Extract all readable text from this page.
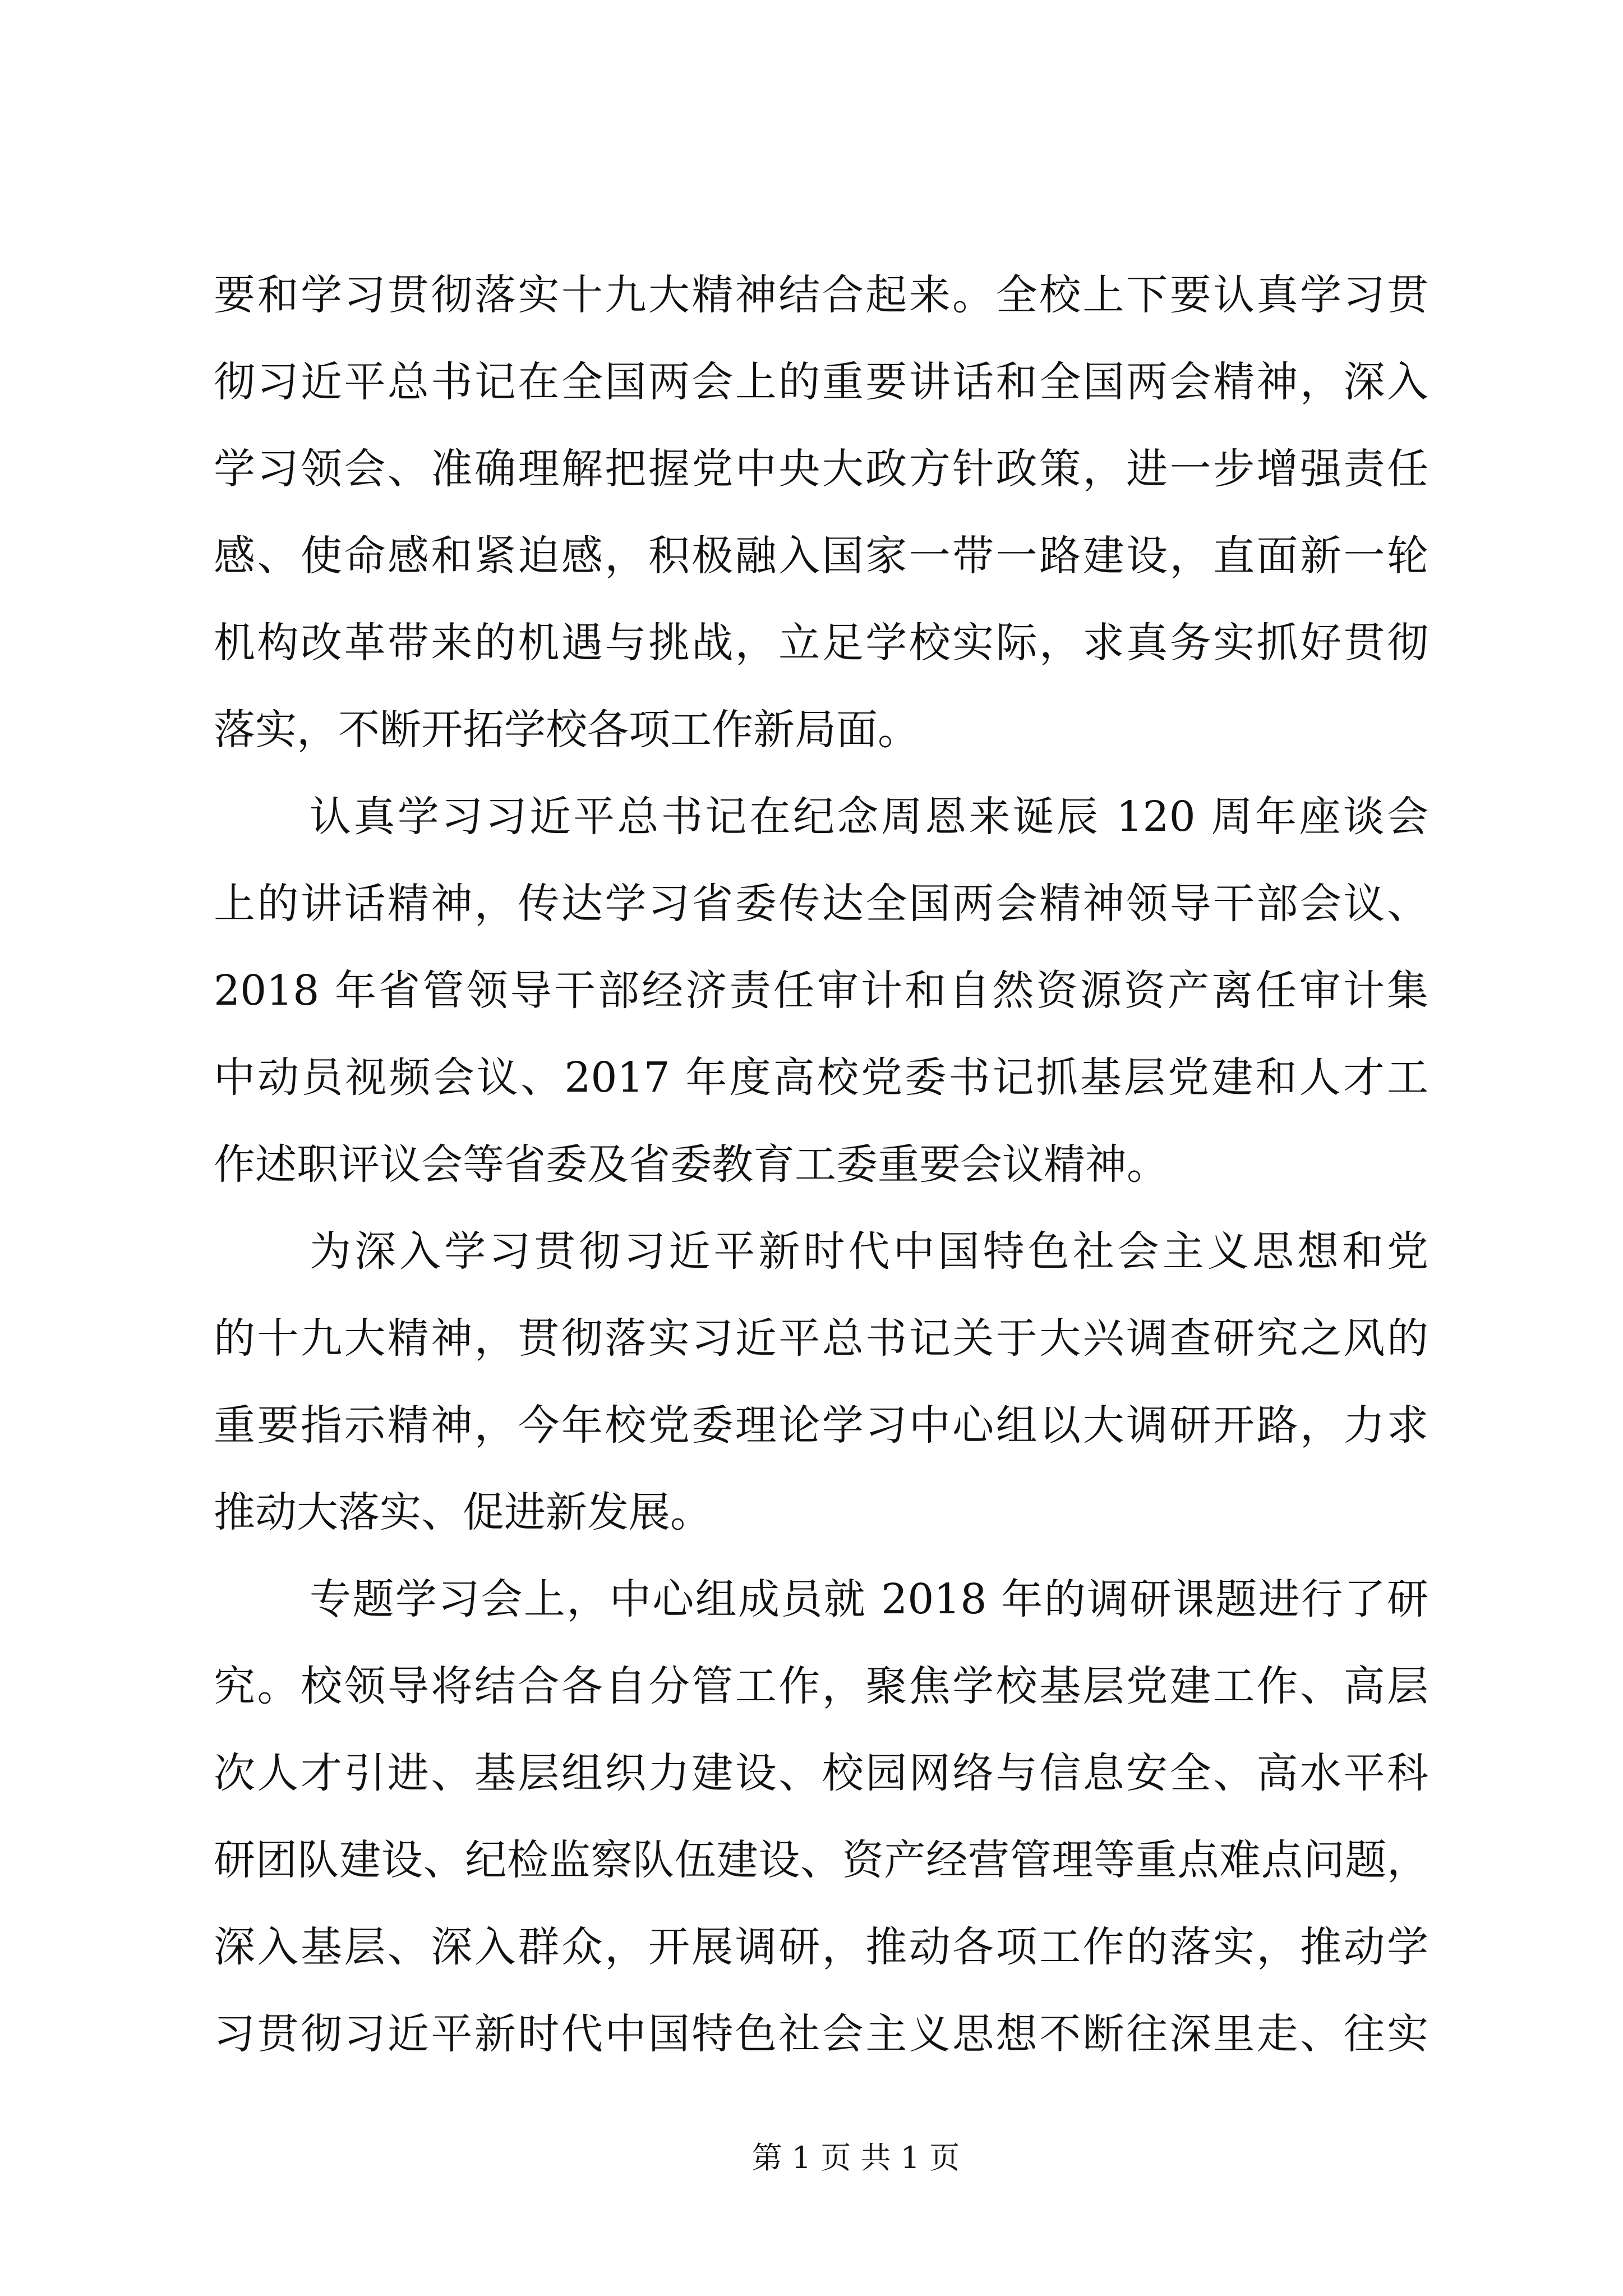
要和学习贯彻落实十九大精神结合起来。全校上下要认真学习贯
彻习近平总书记在全国两会上的重要讲话和全国两会精神，深入
学习领会、准确理解把握党中央大政方针政策，进一步增强责任
感、使命感和紧迫感，积极融入国家一带一路建设，直面新一轮
机构改革带来的机遇与挑战，立足学校实际，求真务实抓好贯彻
落实，不断开拓学校各项工作新局面。
认真学习习近平总书记在纪念周恩来诞辰 120 周年座谈会
上的讲话精神，传达学习省委传达全国两会精神领导干部会议、
2018 年省管领导干部经济责任审计和自然资源资产离任审计集
中动员视频会议、2017 年度高校党委书记抓基层党建和人才工
作述职评议会等省委及省委教育工委重要会议精神。
为深入学习贯彻习近平新时代中国特色社会主义思想和党
的十九大精神，贯彻落实习近平总书记关于大兴调查研究之风的
重要指示精神，今年校党委理论学习中心组以大调研开路，力求
推动大落实、促进新发展。
专题学习会上，中心组成员就 2018 年的调研课题进行了研
究。校领导将结合各自分管工作，聚焦学校基层党建工作、高层
次人才引进、基层组织力建设、校园网络与信息安全、高水平科
研团队建设、纪检监察队伍建设、资产经营管理等重点难点问题，
深入基层、深入群众，开展调研，推动各项工作的落实，推动学
习贯彻习近平新时代中国特色社会主义思想不断往深里走、往实
第 1 页 共 1 页
